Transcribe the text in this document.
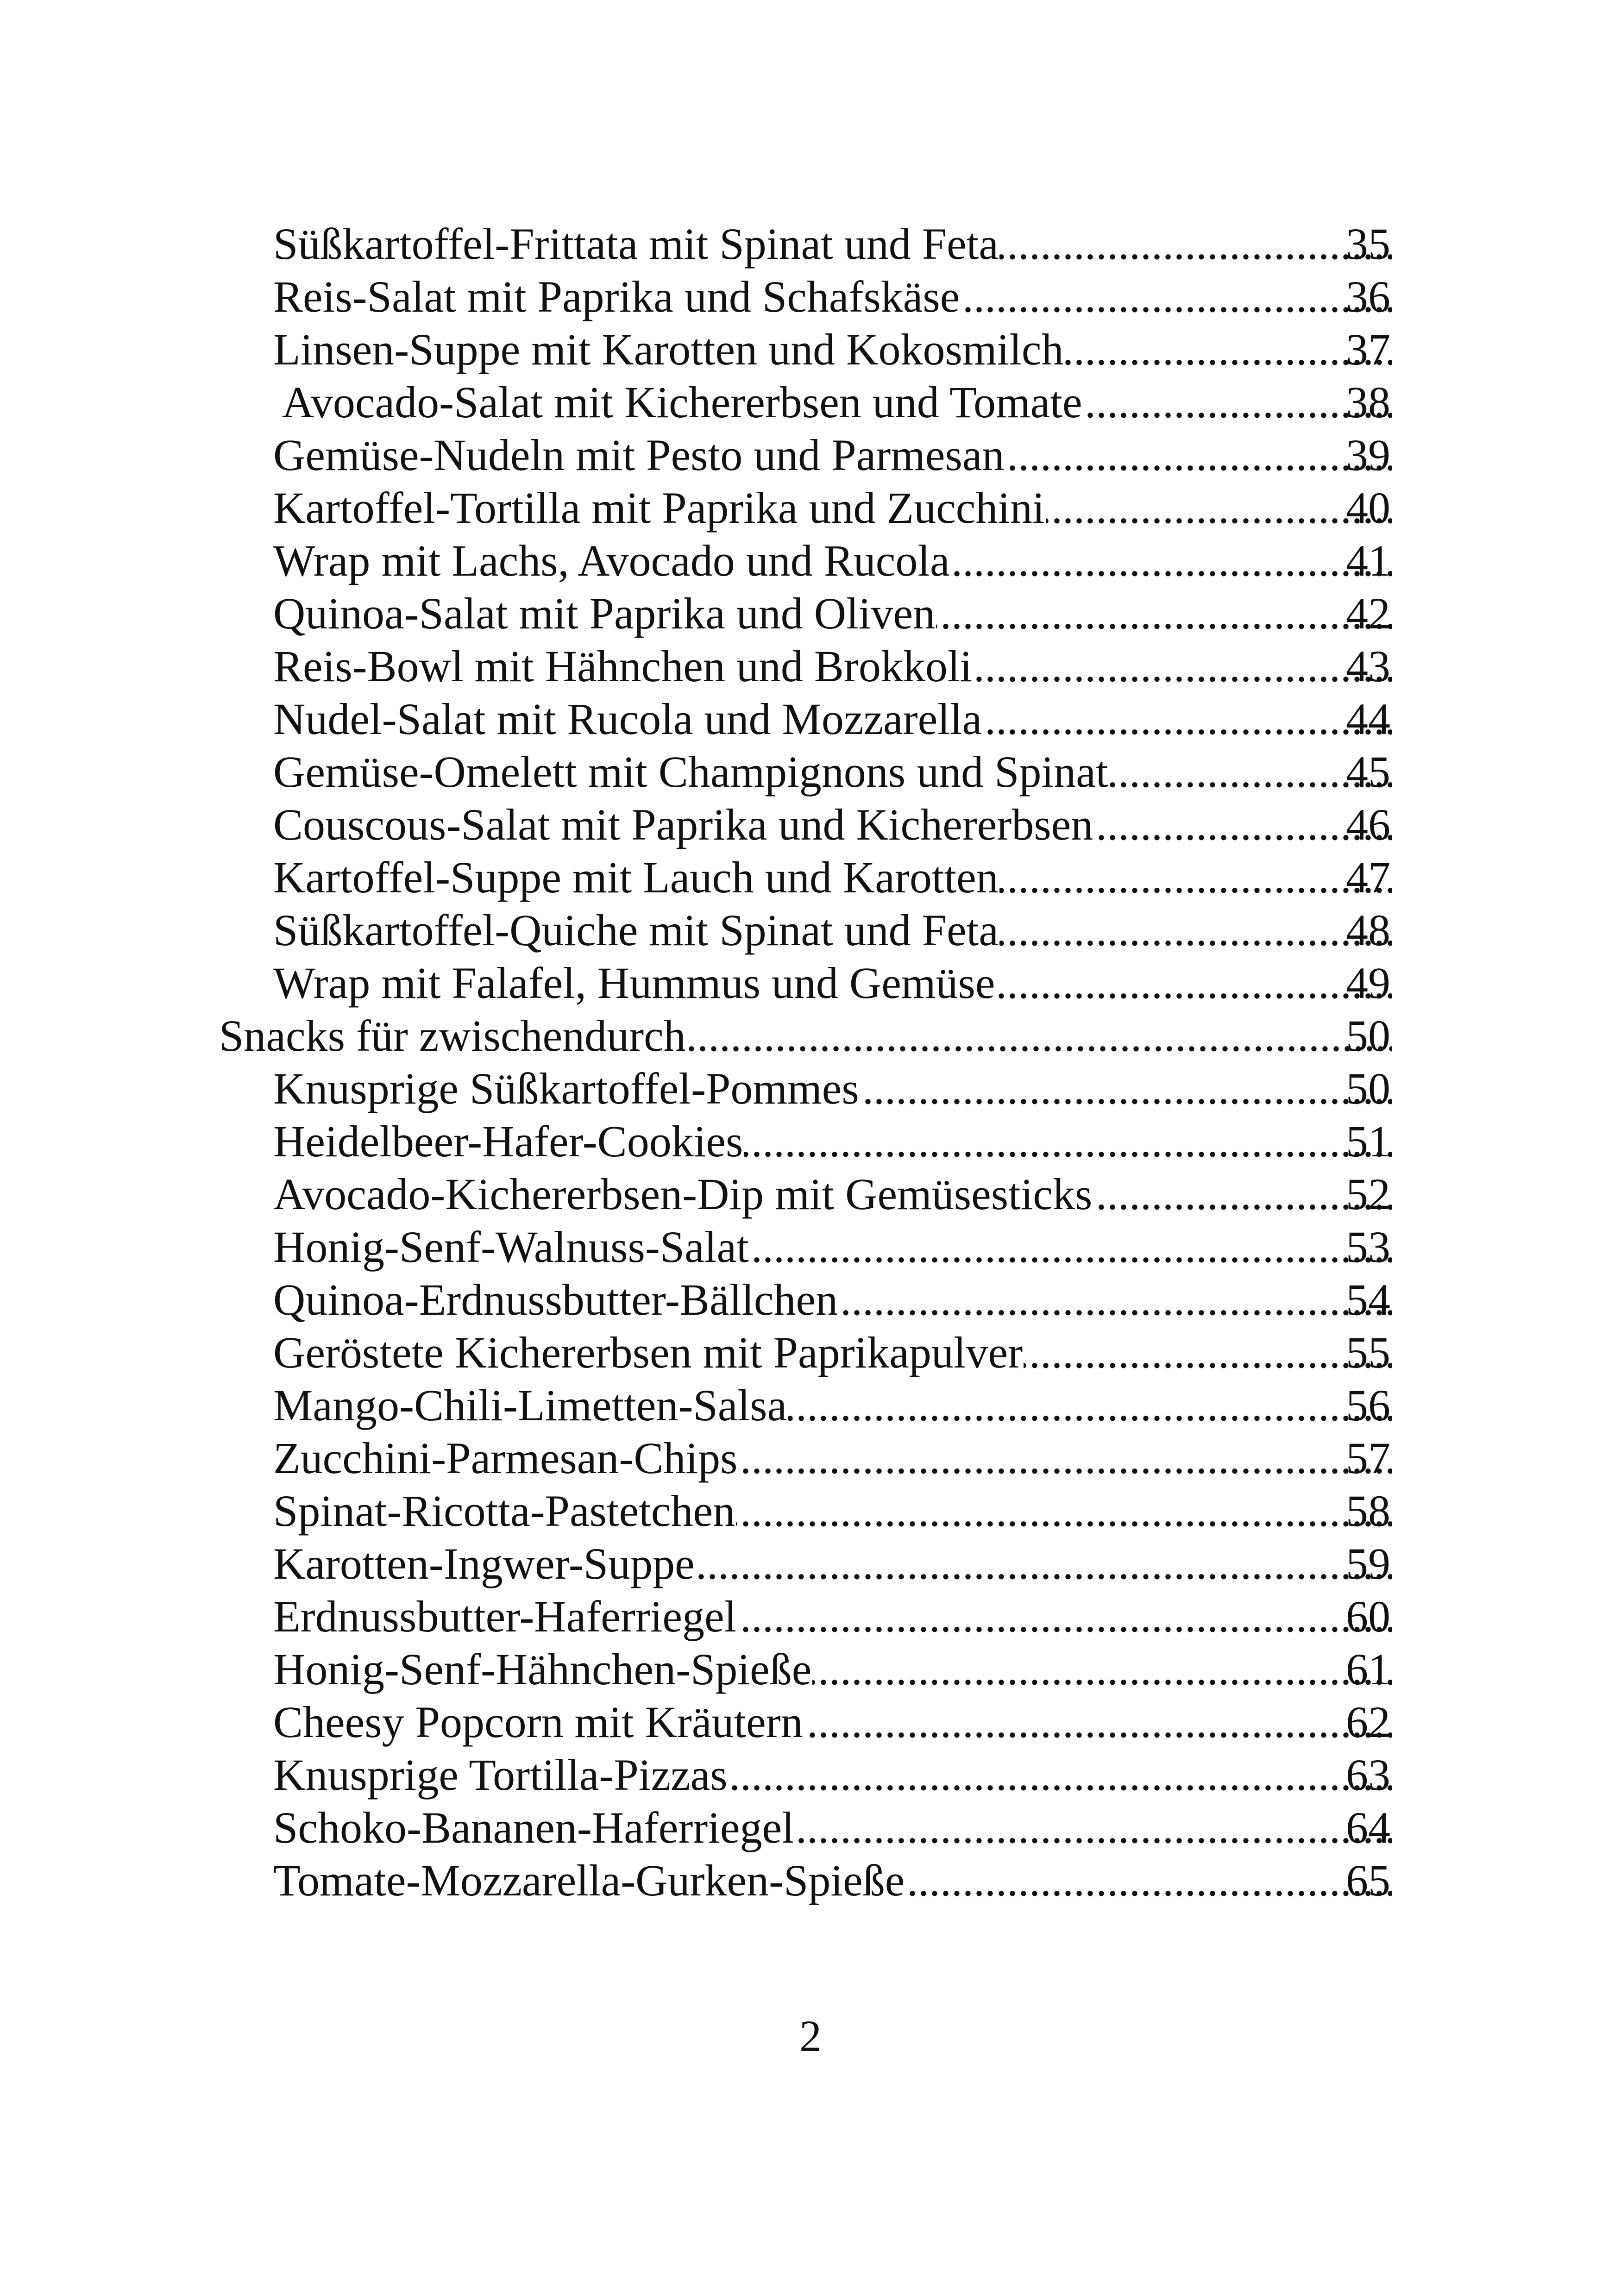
Süßkartoffel-Frittata mit Spinat und Feta .....	35
Reis-Salat mit Paprika und Schafskäse .....	36
Linsen-Suppe mit Karotten und Kokosmilch .....	37
Avocado-Salat mit Kichererbsen und Tomate .....	38
Gemüse-Nudeln mit Pesto und Parmesan .....	39
Kartoffel-Tortilla mit Paprika und Zucchini .....	40
Wrap mit Lachs, Avocado und Rucola .....	41
Quinoa-Salat mit Paprika und Oliven .....	42
Reis-Bowl mit Hähnchen und Brokkoli .....	43
Nudel-Salat mit Rucola und Mozzarella .....	44
Gemüse-Omelett mit Champignons und Spinat .....	45
Couscous-Salat mit Paprika und Kichererbsen .....	46
Kartoffel-Suppe mit Lauch und Karotten .....	47
Süßkartoffel-Quiche mit Spinat und Feta .....	48
Wrap mit Falafel, Hummus und Gemüse .....	49
Snacks für zwischendurch .....	50
Knusprige Süßkartoffel-Pommes .....	50
Heidelbeer-Hafer-Cookies .....	51
Avocado-Kichererbsen-Dip mit Gemüsesticks .....	52
Honig-Senf-Walnuss-Salat .....	53
Quinoa-Erdnussbutter-Bällchen .....	54
Geröstete Kichererbsen mit Paprikapulver .....	55
Mango-Chili-Limetten-Salsa .....	56
Zucchini-Parmesan-Chips .....	57
Spinat-Ricotta-Pastetchen .....	58
Karotten-Ingwer-Suppe .....	59
Erdnussbutter-Haferriegel .....	60
Honig-Senf-Hähnchen-Spieße .....	61
Cheesy Popcorn mit Kräutern .....	62
Knusprige Tortilla-Pizzas .....	63
Schoko-Bananen-Haferriegel .....	64
Tomate-Mozzarella-Gurken-Spieße .....	65
2
